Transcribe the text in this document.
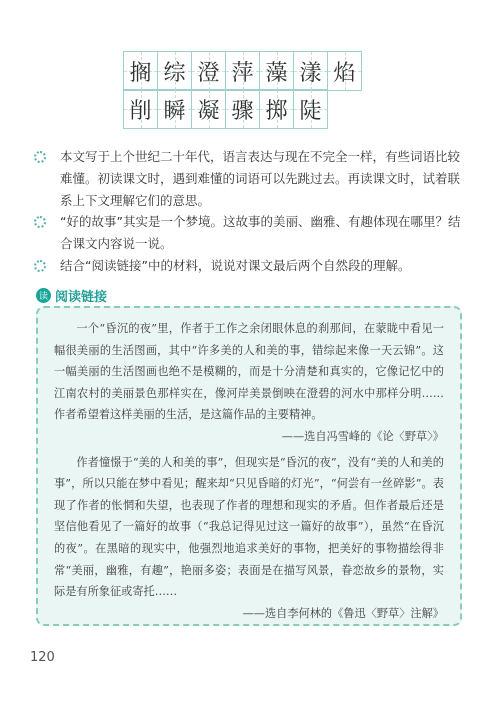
搁 综 澄 萍 藻 漾 焰
削 瞬 凝 骤 掷 陡
本文写于上个世纪二十年代，语言表达与现在不完全一样，有些词语比较难懂。初读课文时，遇到难懂的词语可以先跳过去。再读课文时，试着联系上下文理解它们的意思。
“好的故事”其实是一个梦境。这故事的美丽、幽雅、有趣体现在哪里？结合课文内容说一说。
结合“阅读链接”中的材料，说说对课文最后两个自然段的理解。
读 阅读链接

一个“昏沉的夜”里，作者于工作之余闭眼休息的刹那间，在蒙眬中看见一幅很美丽的生活图画，其中“许多美的人和美的事，错综起来像一天云锦”。这一幅美丽的生活图画也绝不是模糊的，而是十分清楚和真实的，它像记忆中的江南农村的美丽景色那样实在，像河岸美景倒映在澄碧的河水中那样分明……作者希望着这样美丽的生活，是这篇作品的主要精神。

——选自冯雪峰的《论〈野草〉》

作者憧憬于“美的人和美的事”，但现实是“昏沉的夜”，没有“美的人和美的事”，所以只能在梦中看见；醒来却“只见昏暗的灯光”，“何尝有一丝碎影”。表现了作者的怅惘和失望，也表现了作者的理想和现实的矛盾。但作者最后还是坚信他看见了一篇好的故事（“我总记得见过这一篇好的故事”），虽然“在昏沉的夜”。在黑暗的现实中，他强烈地追求美好的事物，把美好的事物描绘得非常“美丽，幽雅，有趣”，艳丽多姿；表面是在描写风景，眷恋故乡的景物，实际是有所象征或寄托……

——选自李何林的《鲁迅〈野草〉注解》

120
